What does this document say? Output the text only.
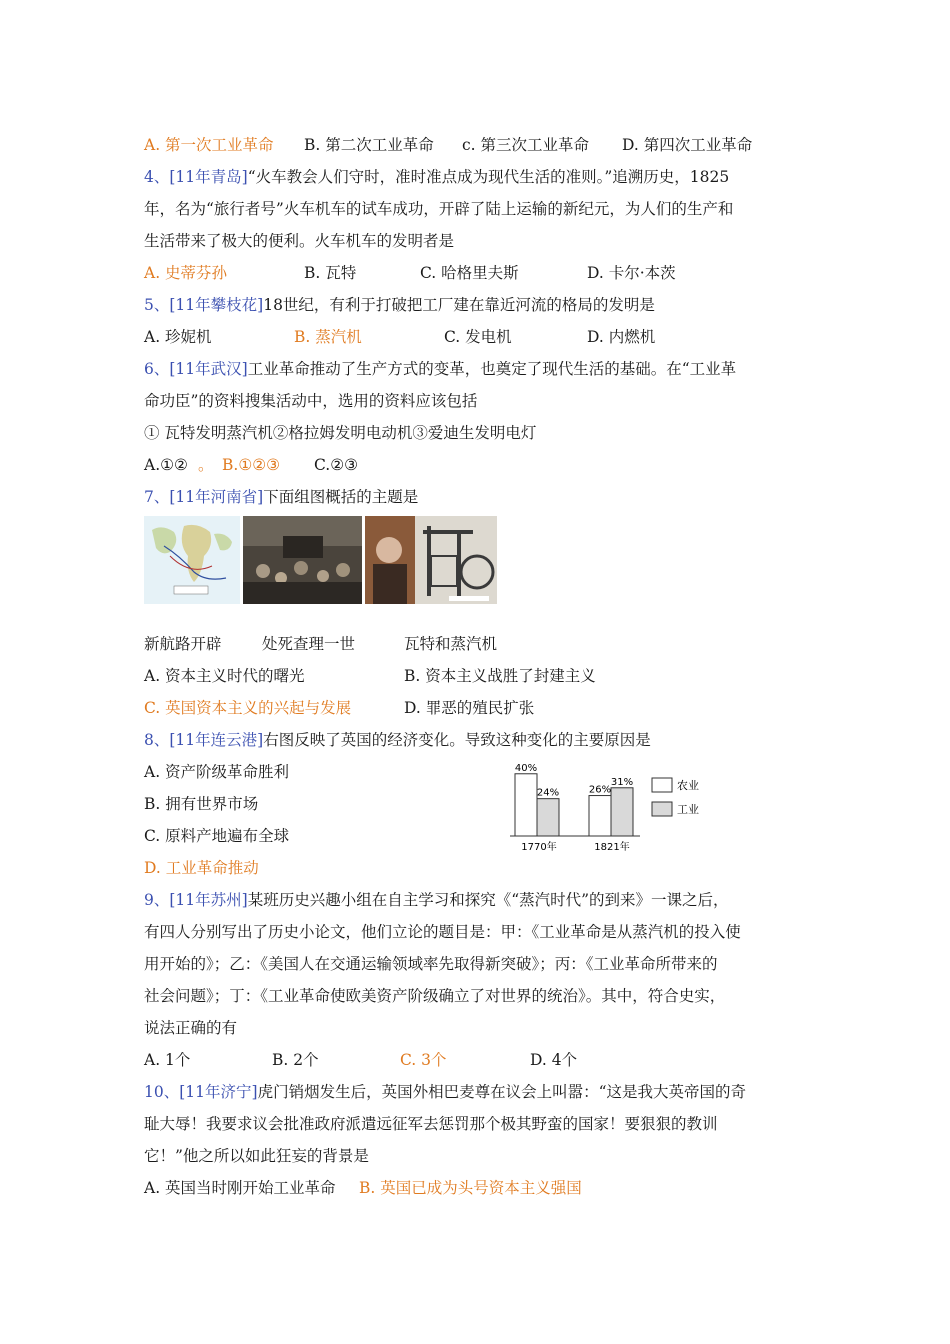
A. 第一次工业革命 B. 第二次工业革命 c. 第三次工业革命 D. 第四次工业革命
4、[11年青岛]“火车教会人们守时，准时准点成为现代生活的准则。”追溯历史，1825
年，名为“旅行者号”火车机车的试车成功，开辟了陆上运输的新纪元，为人们的生产和
生活带来了极大的便利。火车机车的发明者是
A. 史蒂芬孙	B. 瓦特	C. 哈格里夫斯	D. 卡尔·本茨
5、[11年攀枝花]18世纪，有利于打破把工厂建在靠近河流的格局的发明是
A. 珍妮机	B. 蒸汽机	C. 发电机	D. 内燃机
6、[11年武汉]工业革命推动了生产方式的变革，也奠定了现代生活的基础。在“工业革
命功臣”的资料搜集活动中，选用的资料应该包括
① 瓦特发明蒸汽机②格拉姆发明电动机③爱迪生发明电灯
A.①② 。 B.①②③ C.②③
7、[11年河南省]下面组图概括的主题是
新航路开辟	处死查理一世	瓦特和蒸汽机
A. 资本主义时代的曙光	B. 资本主义战胜了封建主义
C. 英国资本主义的兴起与发展	D. 罪恶的殖民扩张
8、[11年连云港]右图反映了英国的经济变化。导致这种变化的主要原因是
A. 资产阶级革命胜利
B. 拥有世界市场
C. 原料产地遍布全球
D. 工业革命推动
40%
24%	26%
31%
1770年	1821年
农业
工业
9、[11年苏州]某班历史兴趣小组在自主学习和探究《“蒸汽时代”的到来》一课之后，
有四人分别写出了历史小论文，他们立论的题目是：甲：《工业革命是从蒸汽机的投入使
用开始的》；乙：《美国人在交通运输领域率先取得新突破》；丙：《工业革命所带来的
社会问题》；丁：《工业革命使欧美资产阶级确立了对世界的统治》。其中，符合史实，
说法正确的有
A. 1个	B. 2个	C. 3个	D. 4个
10、[11年济宁]虎门销烟发生后，英国外相巴麦尊在议会上叫嚣：“这是我大英帝国的奇
耻大辱！我要求议会批准政府派遣远征军去惩罚那个极其野蛮的国家！要狠狠的教训
它！”他之所以如此狂妄的背景是
A. 英国当时刚开始工业革命 B. 英国已成为头号资本主义强国
